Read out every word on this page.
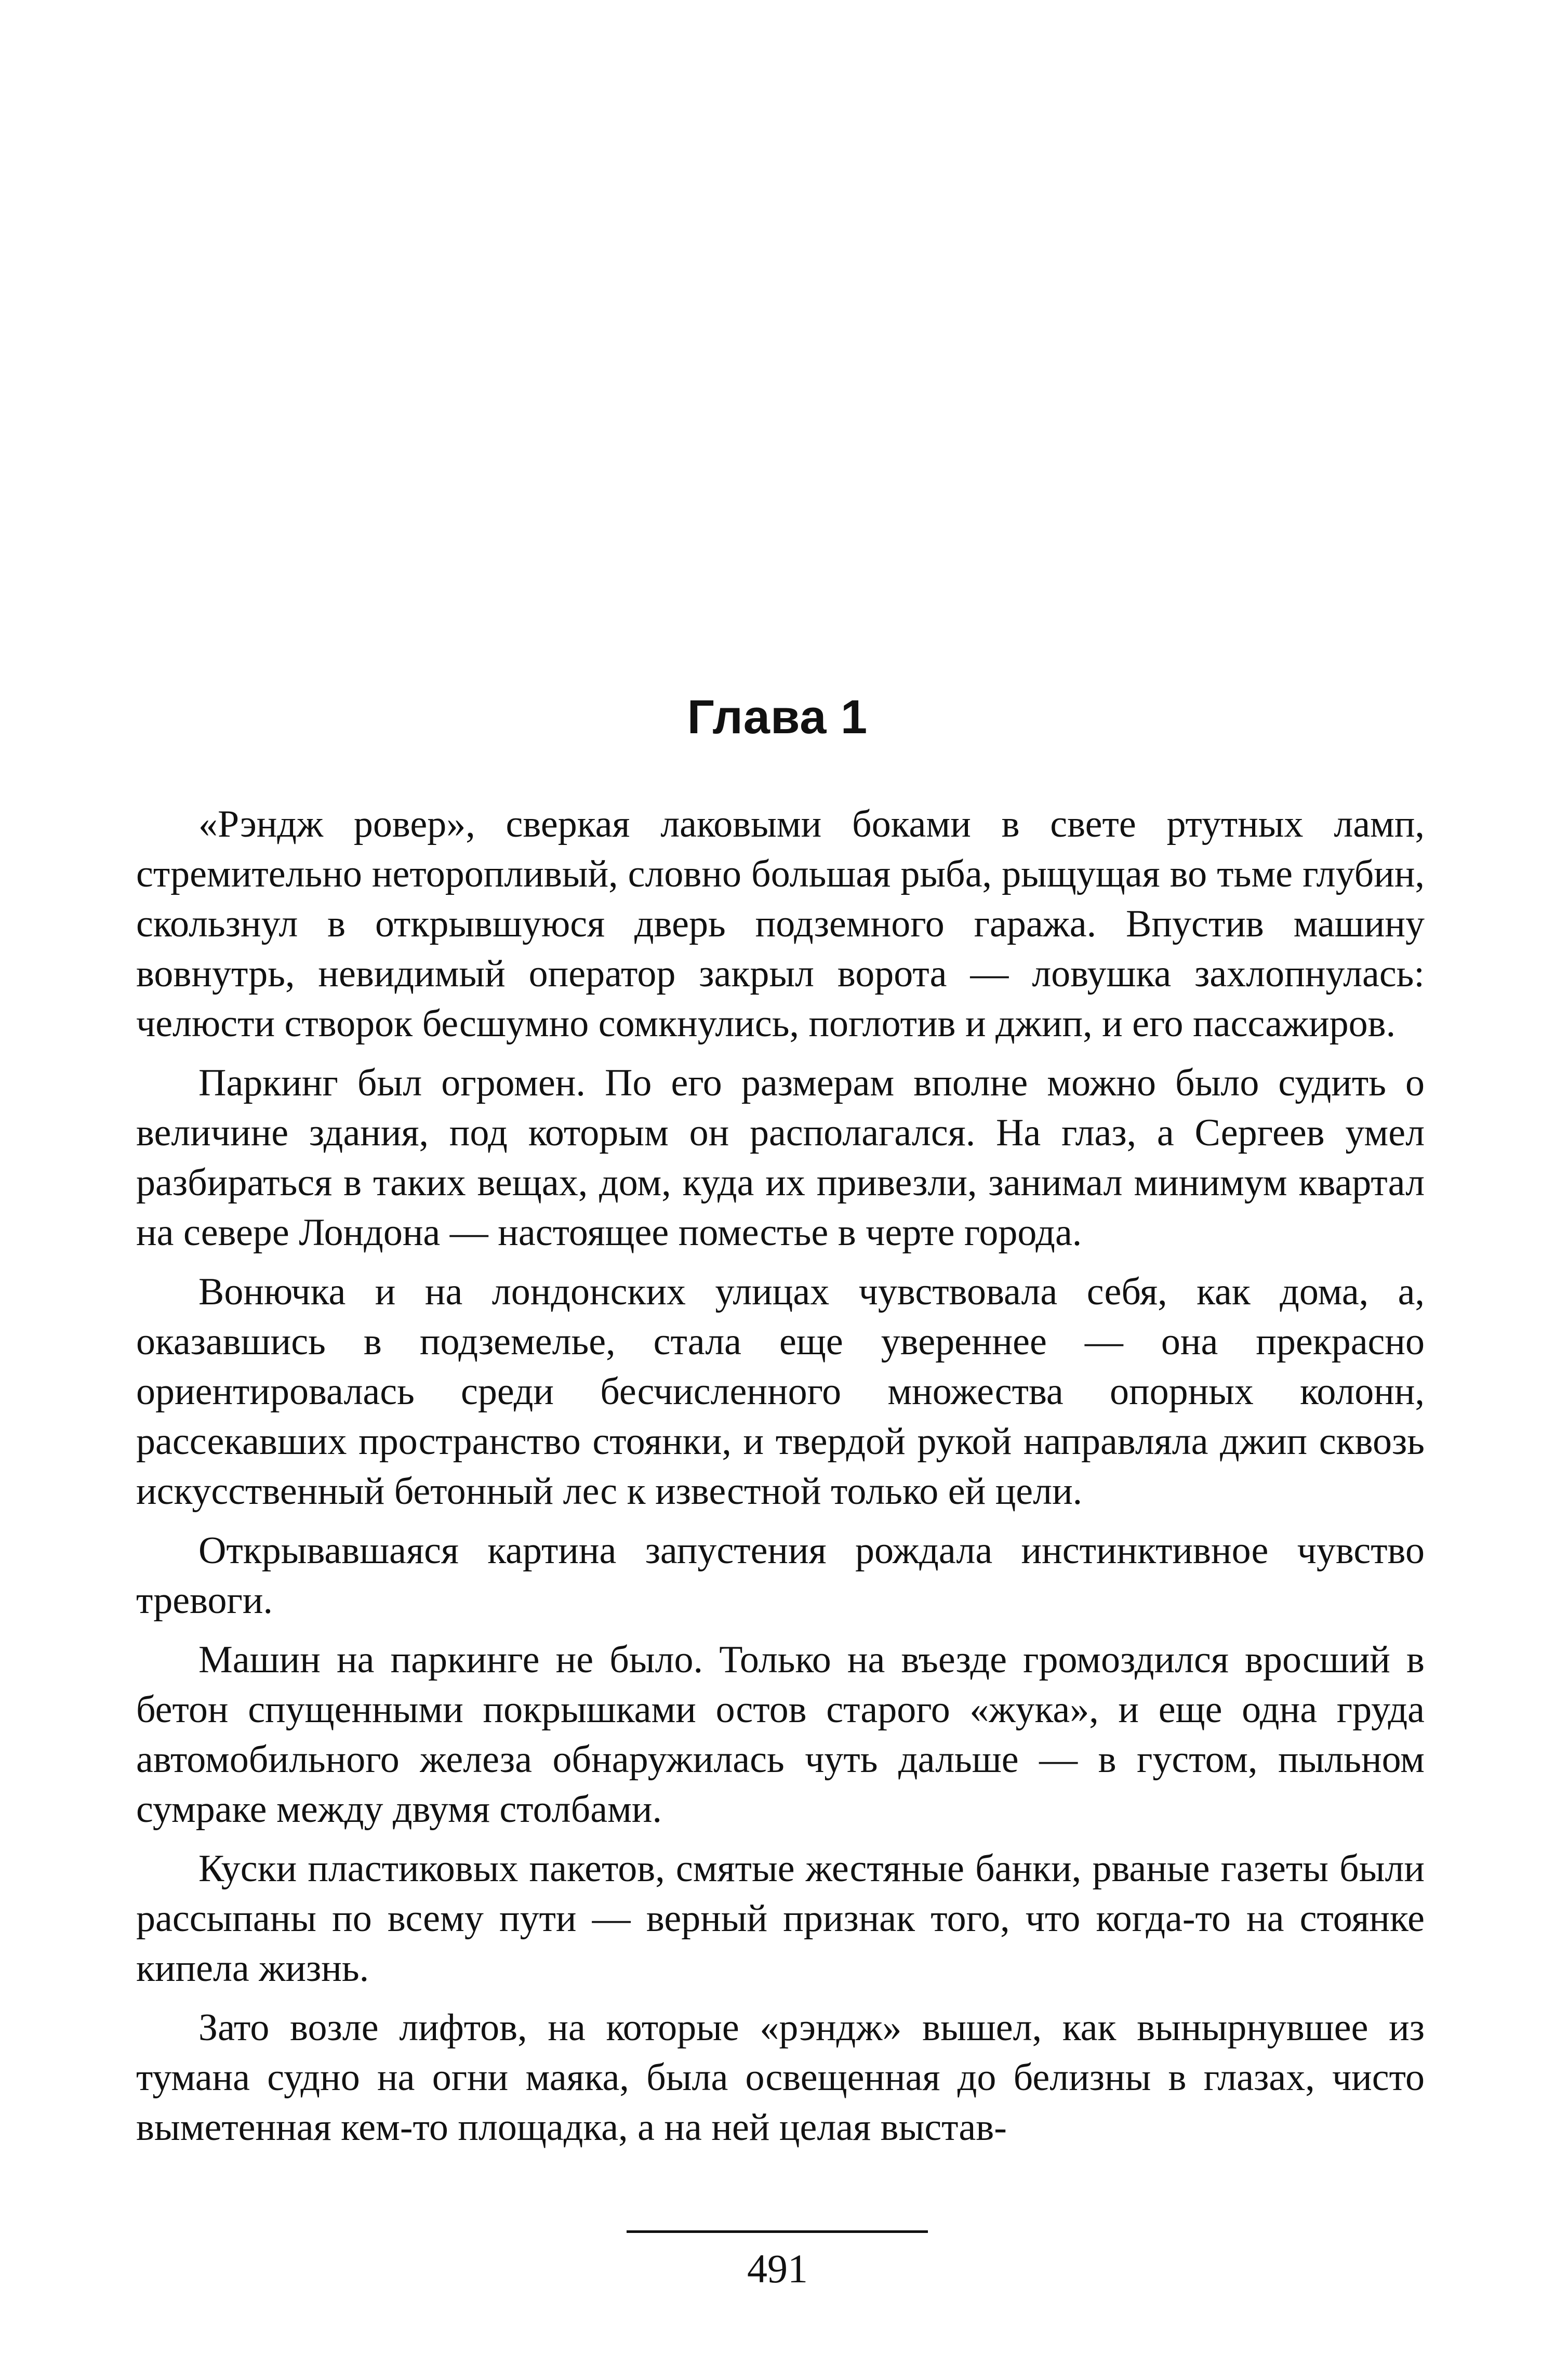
Глава 1

«Рэндж ровер», сверкая лаковыми боками в свете ртутных ламп, стремительно неторопливый, словно большая рыба, рыщущая во тьме глубин, скользнул в открывшуюся дверь подземного гаража. Впустив машину вовнутрь, невидимый оператор закрыл ворота — ловушка захлопнулась: челюсти створок бесшумно сомкнулись, поглотив и джип, и его пассажиров.

Паркинг был огромен. По его размерам вполне можно было судить о величине здания, под которым он располагался. На глаз, а Сергеев умел разбираться в таких вещах, дом, куда их привезли, занимал минимум квартал на севере Лондона — настоящее поместье в черте города.

Вонючка и на лондонских улицах чувствовала себя, как дома, а, оказавшись в подземелье, стала еще увереннее — она прекрасно ориентировалась среди бесчисленного множества опорных колонн, рассекавших пространство стоянки, и твердой рукой направляла джип сквозь искусственный бетонный лес к известной только ей цели.

Открывавшаяся картина запустения рождала инстинктивное чувство тревоги.

Машин на паркинге не было. Только на въезде громоздился вросший в бетон спущенными покрышками остов старого «жука», и еще одна груда автомобильного железа обнаружилась чуть дальше — в густом, пыльном сумраке между двумя столбами.

Куски пластиковых пакетов, смятые жестяные банки, рваные газеты были рассыпаны по всему пути — верный признак того, что когда-то на стоянке кипела жизнь.

Зато возле лифтов, на которые «рэндж» вышел, как вынырнувшее из тумана судно на огни маяка, была освещенная до белизны в глазах, чисто выметенная кем-то площадка, а на ней целая выстав-

491
